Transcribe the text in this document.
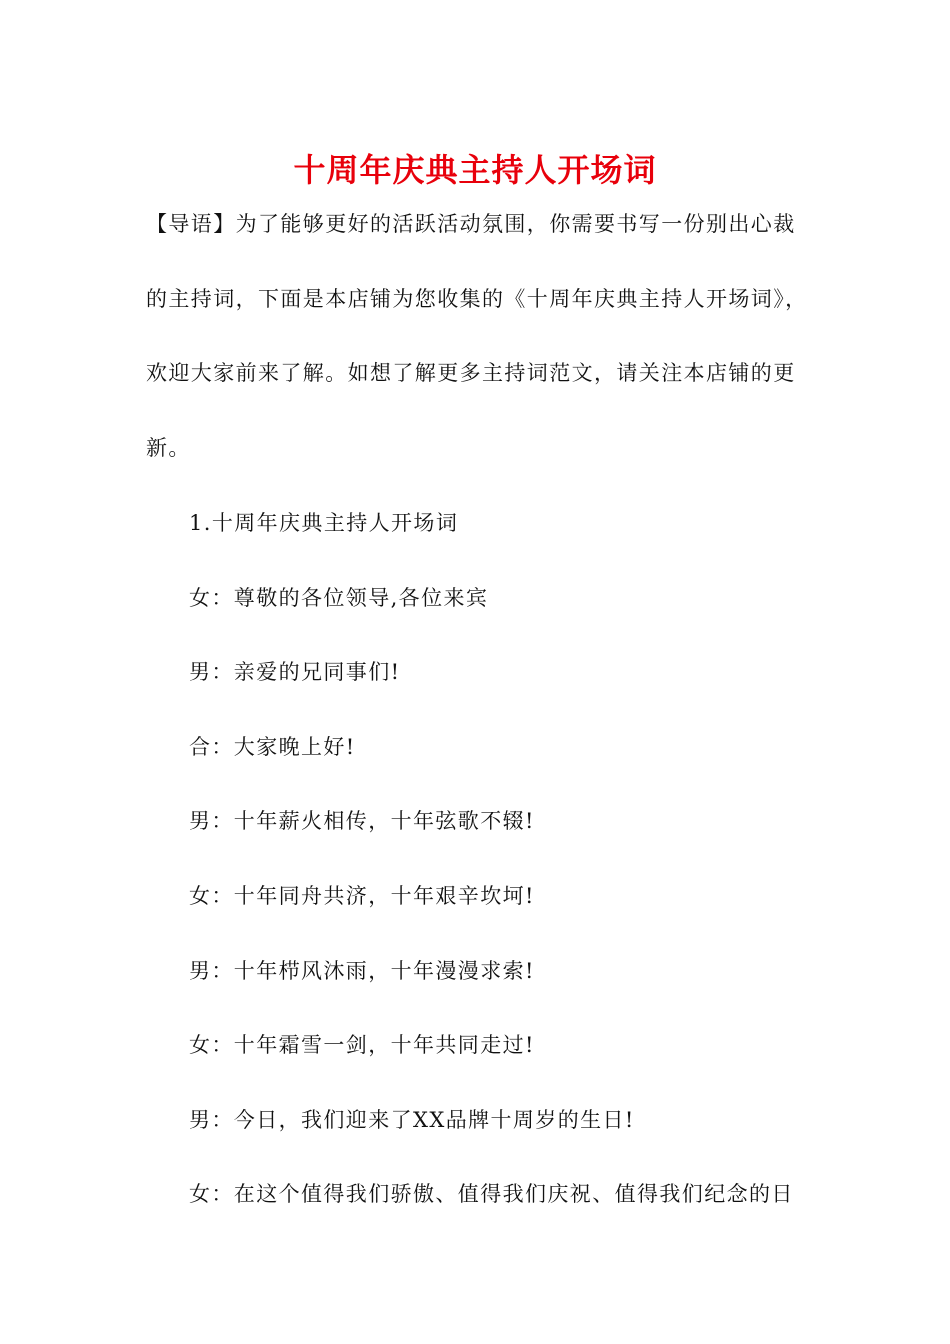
十周年庆典主持人开场词
【导语】为了能够更好的活跃活动氛围，你需要书写一份别出心裁
的主持词，下面是本店铺为您收集的《十周年庆典主持人开场词》，
欢迎大家前来了解。如想了解更多主持词范文，请关注本店铺的更
新。
1.十周年庆典主持人开场词
女：尊敬的各位领导,各位来宾
男：亲爱的兄同事们!
合：大家晚上好!
男：十年薪火相传，十年弦歌不辍!
女：十年同舟共济，十年艰辛坎坷!
男：十年栉风沐雨，十年漫漫求索!
女：十年霜雪一剑，十年共同走过!
男：今日，我们迎来了XX品牌十周岁的生日!
女：在这个值得我们骄傲、值得我们庆祝、值得我们纪念的日
